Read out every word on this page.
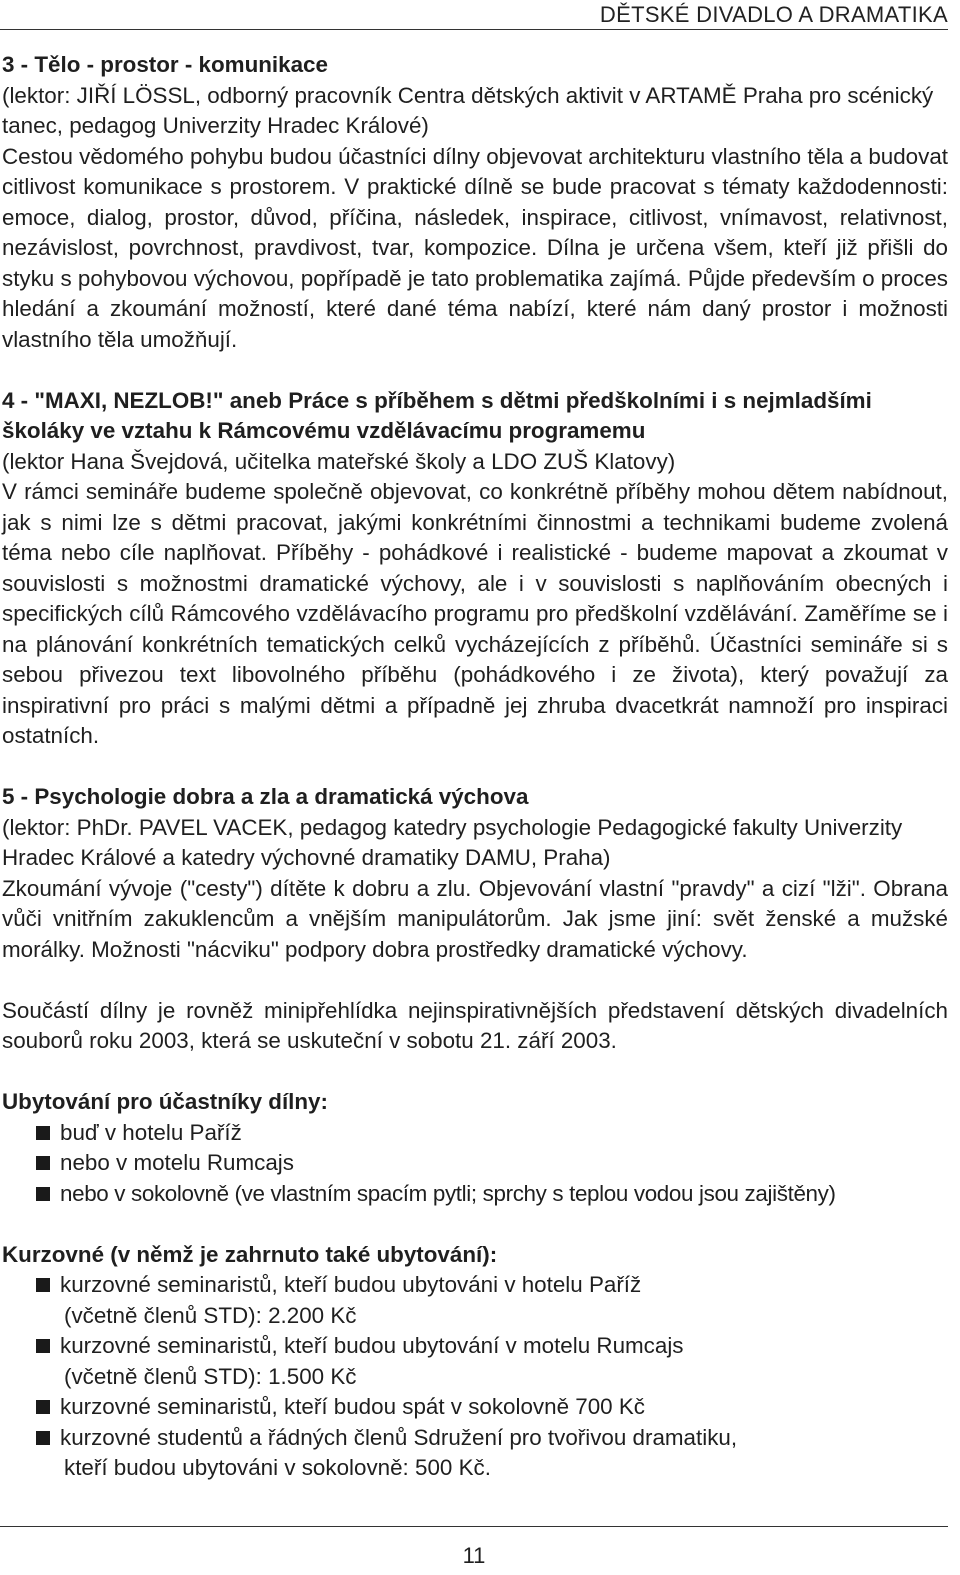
DĚTSKÉ DIVADLO A DRAMATIKA

3 - Tělo - prostor - komunikace

(lektor: JIŘÍ LÖSSL, odborný pracovník Centra dětských aktivit v ARTAMĚ Praha pro scénický tanec, pedagog Univerzity Hradec Králové)

Cestou vědomého pohybu budou účastníci dílny objevovat architekturu vlastního těla a budovat citlivost komunikace s prostorem. V praktické dílně se bude pracovat s tématy každodennosti: emoce, dialog, prostor, důvod, příčina, následek, inspirace, citlivost, vnímavost, relativnost, nezávislost, povrchnost, pravdivost, tvar, kompozice. Dílna je určena všem, kteří již přišli do styku s pohybovou výchovou, popřípadě je tato problematika zajímá. Půjde především o proces hledání a zkoumání možností, které dané téma nabízí, které nám daný prostor i možnosti vlastního těla umožňují.

4 - "MAXI, NEZLOB!" aneb Práce s příběhem s dětmi předškolními i s nejmladšími školáky ve vztahu k Rámcovému vzdělávacímu programemu

(lektor Hana Švejdová, učitelka mateřské školy a LDO ZUŠ Klatovy)

V rámci semináře budeme společně objevovat, co konkrétně příběhy mohou dětem nabídnout, jak s nimi lze s dětmi pracovat, jakými konkrétními činnostmi a technikami budeme zvolená téma nebo cíle naplňovat. Příběhy - pohádkové i realistické - budeme mapovat a zkoumat v souvislosti s možnostmi dramatické výchovy, ale i v souvislosti s naplňováním obecných i specifických cílů Rámcového vzdělávacího programu pro předškolní vzdělávání. Zaměříme se i na plánování konkrétních tematických celků vycházejících z příběhů. Účastníci semináře si s sebou přivezou text libovolného příběhu (pohádkového i ze života), který považují za inspirativní pro práci s malými dětmi a případně jej zhruba dvacetkrát namnoží pro inspiraci ostatních.

5 - Psychologie dobra a zla a dramatická výchova

(lektor: PhDr. PAVEL VACEK, pedagog katedry psychologie Pedagogické fakulty Univerzity Hradec Králové a katedry výchovné dramatiky DAMU, Praha)

Zkoumání vývoje ("cesty") dítěte k dobru a zlu. Objevování vlastní "pravdy" a cizí "lži". Obrana vůči vnitřním zakuklencům a vnějším manipulátorům. Jak jsme jiní: svět ženské a mužské morálky. Možnosti "nácviku" podpory dobra prostředky dramatické výchovy.

Součástí dílny je rovněž minipřehlídka nejinspirativnějších představení dětských divadelních souborů roku 2003, která se uskuteční v sobotu 21. září 2003.

Ubytování pro účastníky dílny:

buď v hotelu Paříž
nebo v motelu Rumcajs
nebo v sokolovně (ve vlastním spacím pytli; sprchy s teplou vodou jsou zajištěny)

Kurzovné (v němž je zahrnuto také ubytování):

kurzovné seminaristů, kteří budou ubytováni v hotelu Paříž
(včetně členů STD): 2.200 Kč
kurzovné seminaristů, kteří budou ubytování v motelu Rumcajs
(včetně členů STD): 1.500 Kč
kurzovné seminaristů, kteří budou spát v sokolovně 700 Kč
kurzovné studentů a řádných členů Sdružení pro tvořivou dramatiku,
kteří budou ubytováni v sokolovně: 500 Kč.
11
